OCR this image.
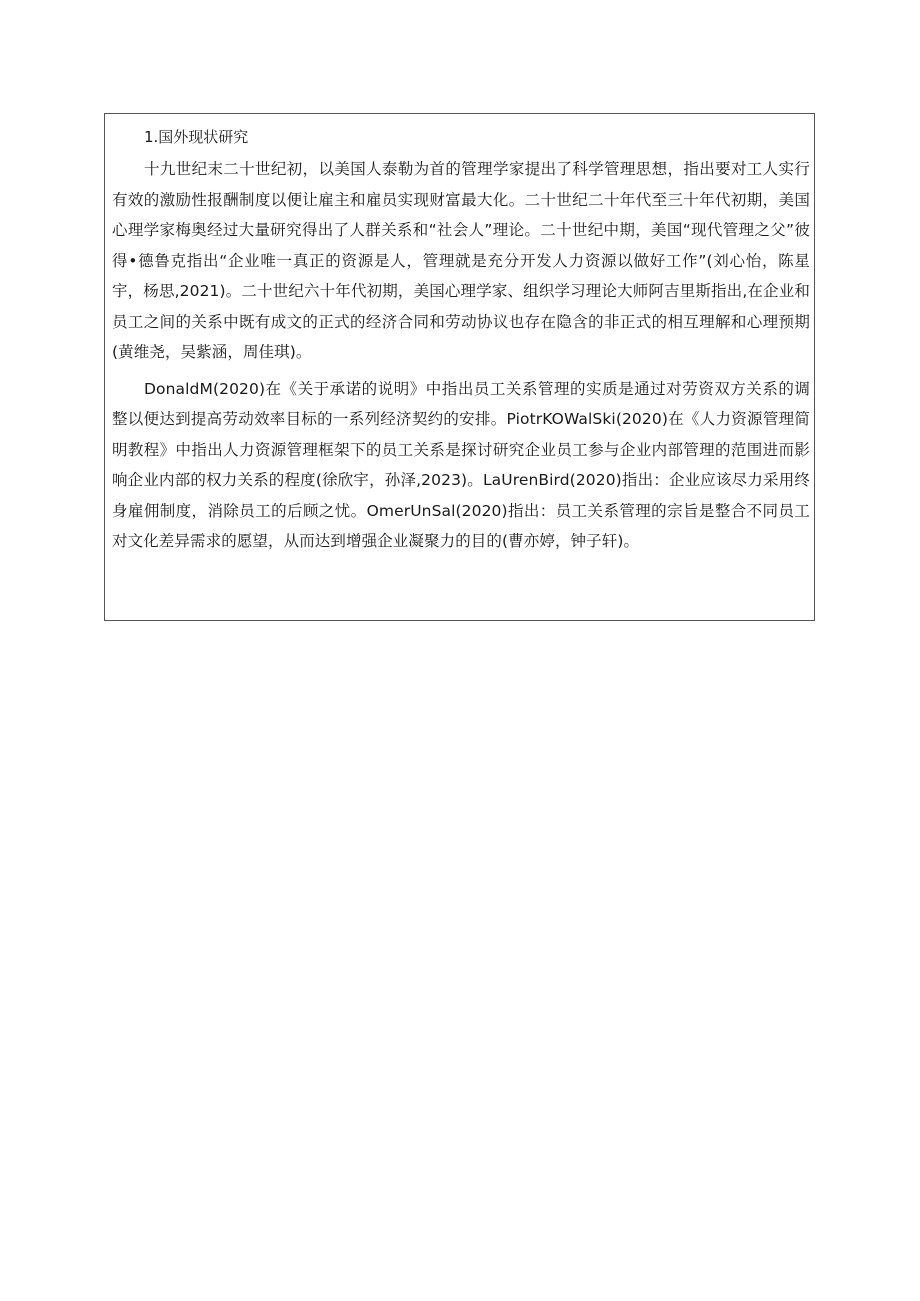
1.国外现状研究

十九世纪末二十世纪初，以美国人泰勒为首的管理学家提出了科学管理思想，指出要对工人实行有效的激励性报酬制度以便让雇主和雇员实现财富最大化。二十世纪二十年代至三十年代初期，美国心理学家梅奥经过大量研究得出了人群关系和“社会人”理论。二十世纪中期，美国“现代管理之父”彼得•德鲁克指出“企业唯一真正的资源是人，管理就是充分开发人力资源以做好工作”(刘心怡，陈星宇，杨思,2021)。二十世纪六十年代初期，美国心理学家、组织学习理论大师阿吉里斯指出,在企业和员工之间的关系中既有成文的正式的经济合同和劳动协议也存在隐含的非正式的相互理解和心理预期(黄维尧，吴紫涵，周佳琪)。

DonaldM(2020)在《关于承诺的说明》中指出员工关系管理的实质是通过对劳资双方关系的调整以便达到提高劳动效率目标的一系列经济契约的安排。PiotrKOWalSki(2020)在《人力资源管理简明教程》中指出人力资源管理框架下的员工关系是探讨研究企业员工参与企业内部管理的范围进而影响企业内部的权力关系的程度(徐欣宇，孙泽,2023)。LaUrenBird(2020)指出：企业应该尽力采用终身雇佣制度，消除员工的后顾之忧。OmerUnSal(2020)指出：员工关系管理的宗旨是整合不同员工对文化差异需求的愿望，从而达到增强企业凝聚力的目的(曹亦婷，钟子轩)。
